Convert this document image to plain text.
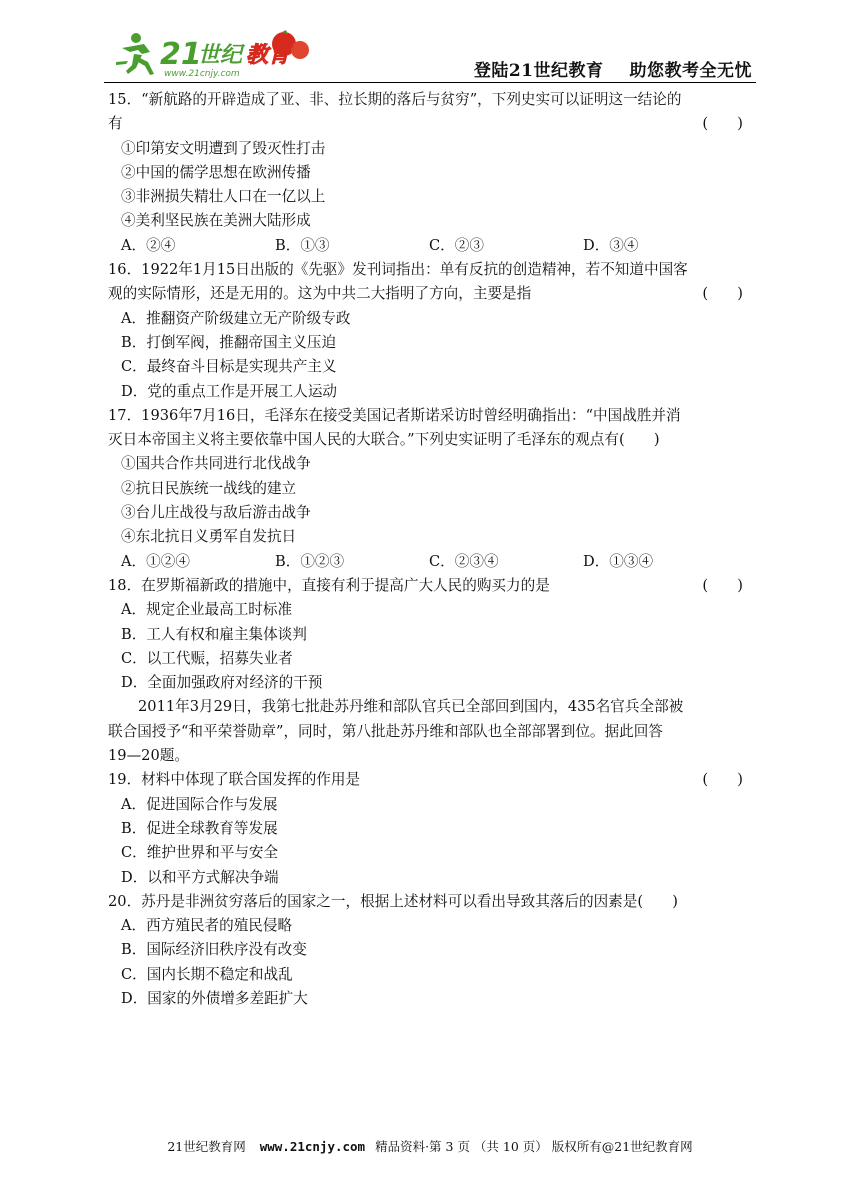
21
世纪 教育
www.21cnjy.com	登陆21世纪教育 助您教考全无忧
15．“新航路的开辟造成了亚、非、拉长期的落后与贫穷”，下列史实可以证明这一结论的
有	(　　)
①印第安文明遭到了毁灭性打击
②中国的儒学思想在欧洲传播
③非洲损失精壮人口在一亿以上
④美利坚民族在美洲大陆形成
A．②④	B．①③	C．②③	D．③④
16．1922年1月15日出版的《先驱》发刊词指出：单有反抗的创造精神，若不知道中国客
观的实际情形，还是无用的。这为中共二大指明了方向，主要是指	(　　)
A．推翻资产阶级建立无产阶级专政
B．打倒军阀，推翻帝国主义压迫
C．最终奋斗目标是实现共产主义
D．党的重点工作是开展工人运动
17．1936年7月16日，毛泽东在接受美国记者斯诺采访时曾经明确指出：“中国战胜并消
灭日本帝国主义将主要依靠中国人民的大联合。”下列史实证明了毛泽东的观点有(　　)
①国共合作共同进行北伐战争
②抗日民族统一战线的建立
③台儿庄战役与敌后游击战争
④东北抗日义勇军自发抗日
A．①②④	B．①②③	C．②③④	D．①③④
18．在罗斯福新政的措施中，直接有利于提高广大人民的购买力的是	(　　)
A．规定企业最高工时标准
B．工人有权和雇主集体谈判
C．以工代赈，招募失业者
D．全面加强政府对经济的干预
2011年3月29日，我第七批赴苏丹维和部队官兵已全部回到国内，435名官兵全部被
联合国授予“和平荣誉勋章”，同时，第八批赴苏丹维和部队也全部部署到位。据此回答
19—20题。
19．材料中体现了联合国发挥的作用是	(　　)
A．促进国际合作与发展
B．促进全球教育等发展
C．维护世界和平与安全
D．以和平方式解决争端
20．苏丹是非洲贫穷落后的国家之一，根据上述材料可以看出导致其落后的因素是(　　)
A．西方殖民者的殖民侵略
B．国际经济旧秩序没有改变
C．国内长期不稳定和战乱
D．国家的外债增多差距扩大
21世纪教育网 www.21cnjy.com 精品资料·第 3 页 （共 10 页） 版权所有@21世纪教育网
